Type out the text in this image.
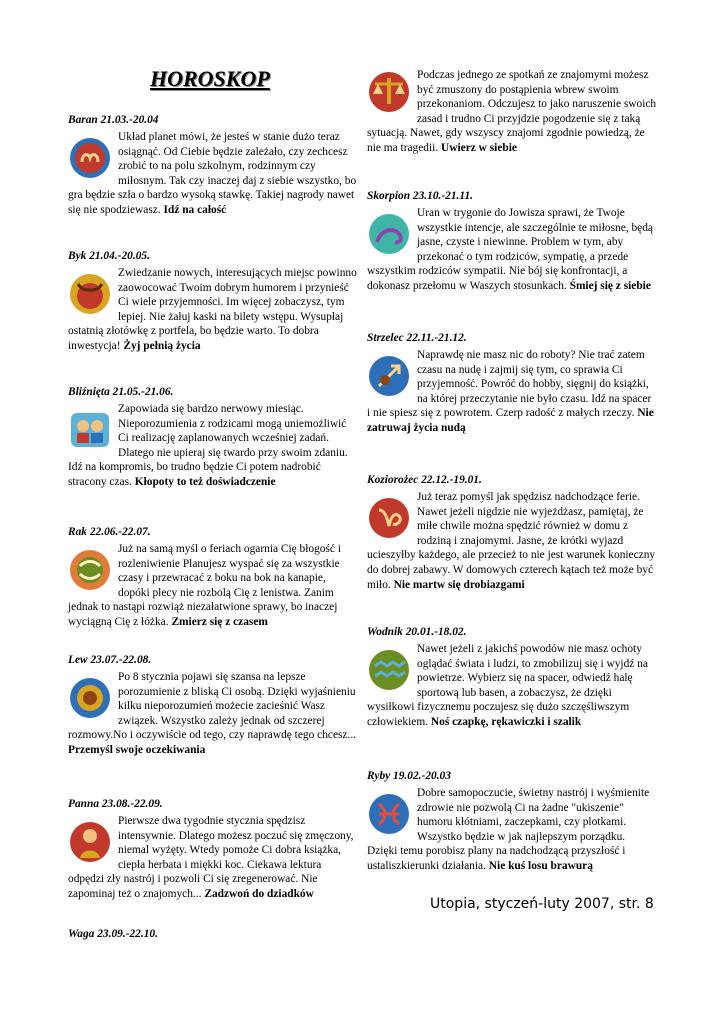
HOROSKOP

Baran 21.03.-20.04

Układ planet mówi, że jesteś w stanie dużo teraz osiągnąć. Od Ciebie będzie zależało, czy zechcesz zrobić to na polu szkolnym, rodzinnym czy miłosnym. Tak czy inaczej daj z siebie wszystko, bo gra będzie szła o bardzo wysoką stawkę. Takiej nagrody nawet się nie spodziewasz. Idź na całość

Byk 21.04.-20.05.

Zwiedzanie nowych, interesujących miejsc powinno zaowocować Twoim dobrym humorem i przynieść Ci wiele przyjemności. Im więcej zobaczysz, tym lepiej. Nie żałuj kaski na bilety wstępu. Wysupłaj ostatnią złotówkę z portfela, bo będzie warto. To dobra inwestycja! Żyj pełnią życia

Bliźnięta 21.05.-21.06.

Zapowiada się bardzo nerwowy miesiąc. Nieporozumienia z rodzicami mogą uniemożliwić Ci realizację zaplanowanych wcześniej zadań. Dlatego nie upieraj się twardo przy swoim zdaniu. Idź na kompromis, bo trudno będzie Ci potem nadrobić stracony czas. Kłopoty to też doświadczenie

Rak 22.06.-22.07.

Już na samą myśl o feriach ogarnia Cię błogość i rozleniwienie Planujesz wyspać się za wszystkie czasy i przewracać z boku na bok na kanapie, dopóki plecy nie rozbolą Cię z lenistwa. Zanim jednak to nastąpi rozwiąż niezałatwione sprawy, bo inaczej wyciągną Cię z łóżka. Zmierz się z czasem

Lew 23.07.-22.08.

Po 8 stycznia pojawi się szansa na lepsze porozumienie z bliską Ci osobą. Dzięki wyjaśnieniu kilku nieporozumień możecie zacieśnić Wasz związek. Wszystko zależy jednak od szczerej rozmowy.No i oczywiście od tego, czy naprawdę tego chcesz... Przemyśl swoje oczekiwania

Panna 23.08.-22.09.

Pierwsze dwa tygodnie stycznia spędzisz intensywnie. Dlatego możesz poczuć się zmęczony, niemal wyżęty. Wtedy pomoże Ci dobra książka, ciepła herbata i miękki koc. Ciekawa lektura odpędzi zły nastrój i pozwoli Ci się zregenerować. Nie zapominaj też o znajomych... Zadzwoń do dziadków

Waga 23.09.-22.10.

Podczas jednego ze spotkań ze znajomymi możesz być zmuszony do postąpienia wbrew swoim przekonaniom. Odczujesz to jako naruszenie swoich zasad i trudno Ci przyjdzie pogodzenie się z taką sytuacją. Nawet, gdy wszyscy znajomi zgodnie powiedzą, że nie ma tragedii. Uwierz w siebie

Skorpion 23.10.-21.11.

Uran w trygonie do Jowisza sprawi, że Twoje wszystkie intencje, ale szczególnie te miłosne, będą jasne, czyste i niewinne. Problem w tym, aby przekonać o tym rodziców, sympatię, a przede wszystkim rodziców sympatii. Nie bój się konfrontacji, a dokonasz przełomu w Waszych stosunkach. Śmiej się z siebie

Strzelec 22.11.-21.12.

Naprawdę nie masz nic do roboty? Nie trać zatem czasu na nudę i zajmij się tym, co sprawia Ci przyjemność. Powróć do hobby, sięgnij do książki, na której przeczytanie nie było czasu. Idź na spacer i nie spiesz się z powrotem. Czerp radość z małych rzeczy. Nie zatruwaj życia nudą

Koziorożec 22.12.-19.01.

Już teraz pomyśl jak spędzisz nadchodzące ferie. Nawet jeżeli nigdzie nie wyjeżdżasz, pamiętaj, że miłe chwile można spędzić również w domu z rodziną i znajomymi. Jasne, że krótki wyjazd ucieszyłby każdego, ale przecież to nie jest warunek konieczny do dobrej zabawy. W domowych czterech kątach też może być miło. Nie martw się drobiazgami

Wodnik 20.01.-18.02.

Nawet jeżeli z jakichś powodów nie masz ochoty oglądać świata i ludzi, to zmobilizuj się i wyjdź na powietrze. Wybierz się na spacer, odwiedź halę sportową lub basen, a zobaczysz, że dzięki wysiłkowi fizycznemu poczujesz się dużo szczęśliwszym człowiekiem. Noś czapkę, rękawiczki i szalik

Ryby 19.02.-20.03

Dobre samopoczucie, świetny nastrój i wyśmienite zdrowie nie pozwolą Ci na żadne "ukiszenie" humoru kłótniami, zaczepkami, czy plotkami. Wszystko będzie w jak najlepszym porządku. Dzięki temu porobisz plany na nadchodzącą przyszłość i ustaliszkierunki działania. Nie kuś losu brawurą

Utopia, styczeń-luty 2007, str. 8
